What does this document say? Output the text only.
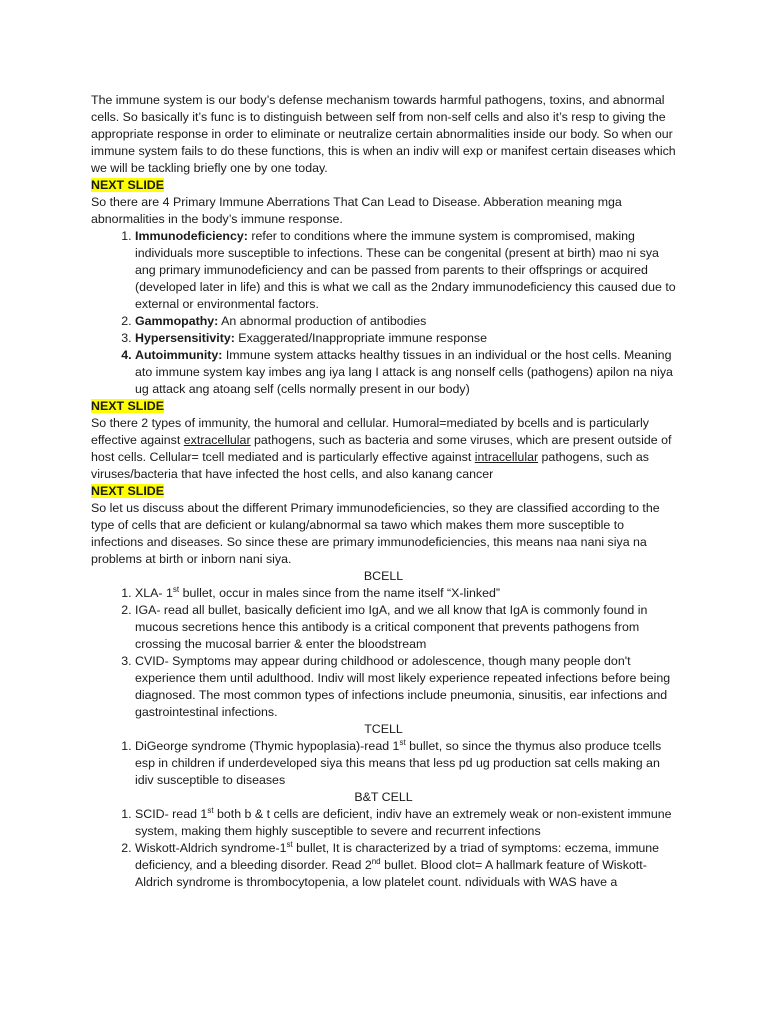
The immune system is our body’s defense mechanism towards harmful pathogens, toxins, and abnormal cells. So basically it’s func is to distinguish between self from non-self cells and also it’s resp to giving the appropriate response in order to eliminate or neutralize certain abnormalities inside our body. So when our immune system fails to do these functions, this is when an indiv will exp or manifest certain diseases which we will be tackling briefly one by one today.

NEXT SLIDE

So there are 4 Primary Immune Aberrations That Can Lead to Disease. Abberation meaning mga abnormalities in the body’s immune response.

1. Immunodeficiency: refer to conditions where the immune system is compromised, making individuals more susceptible to infections. These can be congenital (present at birth) mao ni sya ang primary immunodeficiency and can be passed from parents to their offsprings or acquired (developed later in life) and this is what we call as the 2ndary immunodeficiency this caused due to external or environmental factors.
2. Gammopathy: An abnormal production of antibodies
3. Hypersensitivity: Exaggerated/Inappropriate immune response
4. Autoimmunity: Immune system attacks healthy tissues in an individual or the host cells. Meaning ato immune system kay imbes ang iya lang I attack is ang nonself cells (pathogens) apilon na niya ug attack ang atoang self (cells normally present in our body)

NEXT SLIDE

So there 2 types of immunity, the humoral and cellular. Humoral=mediated by bcells and is particularly effective against extracellular pathogens, such as bacteria and some viruses, which are present outside of host cells. Cellular= tcell mediated and is particularly effective against intracellular pathogens, such as viruses/bacteria that have infected the host cells, and also kanang cancer

NEXT SLIDE

So let us discuss about the different Primary immunodeficiencies, so they are classified according to the type of cells that are deficient or kulang/abnormal sa tawo which makes them more susceptible to infections and diseases. So since these are primary immunodeficiencies, this means naa nani siya na problems at birth or inborn nani siya.

BCELL

1. XLA- 1st bullet, occur in males since from the name itself “X-linked”
2. IGA- read all bullet, basically deficient imo IgA, and we all know that IgA is commonly found in mucous secretions hence this antibody is a critical component that prevents pathogens from crossing the mucosal barrier & enter the bloodstream
3. CVID- Symptoms may appear during childhood or adolescence, though many people don't experience them until adulthood. Indiv will most likely experience repeated infections before being diagnosed. The most common types of infections include pneumonia, sinusitis, ear infections and gastrointestinal infections.

TCELL

1. DiGeorge syndrome (Thymic hypoplasia)-read 1st bullet, so since the thymus also produce tcells esp in children if underdeveloped siya this means that less pd ug production sat cells making an idiv susceptible to diseases

B&T CELL

1. SCID- read 1st both b & t cells are deficient, indiv have an extremely weak or non-existent immune system, making them highly susceptible to severe and recurrent infections
2. Wiskott-Aldrich syndrome-1st bullet, It is characterized by a triad of symptoms: eczema, immune deficiency, and a bleeding disorder. Read 2nd bullet. Blood clot= A hallmark feature of Wiskott-Aldrich syndrome is thrombocytopenia, a low platelet count. ndividuals with WAS have a
